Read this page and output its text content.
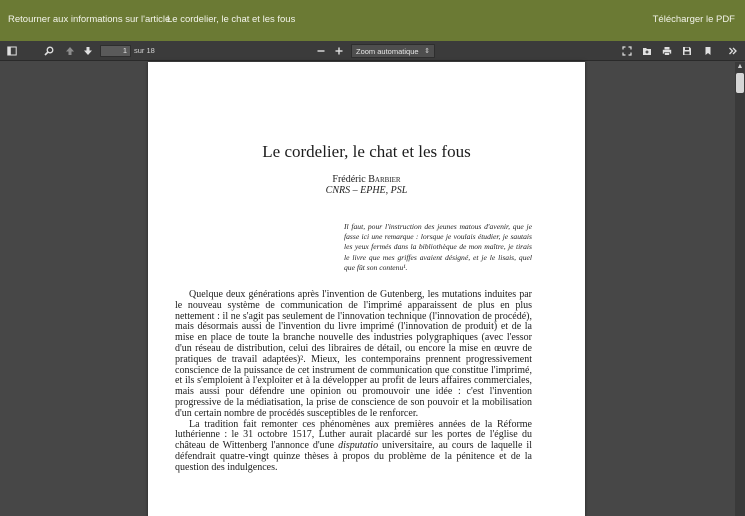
Retourner aux informations sur l'article
Le cordelier, le chat et les fous	Télécharger le PDF
1 sur 18	Zoom automatique ⇕
Le cordelier, le chat et les fous
Frédéric Barbier
CNRS – EPHE, PSL
Il faut, pour l'instruction des jeunes matous d'avenir, que je fasse ici une remarque : lorsque je voulais étudier, je sautais les yeux fermés dans la bibliothèque de mon maître, je tirais le livre que mes griffes avaient désigné, et je le lisais, quel que fût son contenu¹.

Quelque deux générations après l'invention de Gutenberg, les mutations induites par le nouveau système de communication de l'imprimé apparaissent de plus en plus nettement : il ne s'agit pas seulement de l'innovation technique (l'innovation de procédé), mais désormais aussi de l'invention du livre imprimé (l'innovation de produit) et de la mise en place de toute la branche nouvelle des industries polygraphiques (avec l'essor d'un réseau de distribution, celui des libraires de détail, ou encore la mise en œuvre de pratiques de travail adaptées)². Mieux, les contemporains prennent progressivement conscience de la puissance de cet instrument de communication que constitue l'imprimé, et ils s'emploient à l'exploiter et à la développer au profit de leurs affaires commerciales, mais aussi pour défendre une opinion ou promouvoir une idée : c'est l'invention progressive de la médiatisation, la prise de conscience de son pouvoir et la mobilisation d'un certain nombre de procédés susceptibles de le renforcer.

La tradition fait remonter ces phénomènes aux premières années de la Réforme luthérienne : le 31 octobre 1517, Luther aurait placardé sur les portes de l'église du château de Wittenberg l'annonce d'une disputatio universitaire, au cours de laquelle il défendrait quatre-vingt quinze thèses à propos du problème de la pénitence et de la question des indulgences.

▲
